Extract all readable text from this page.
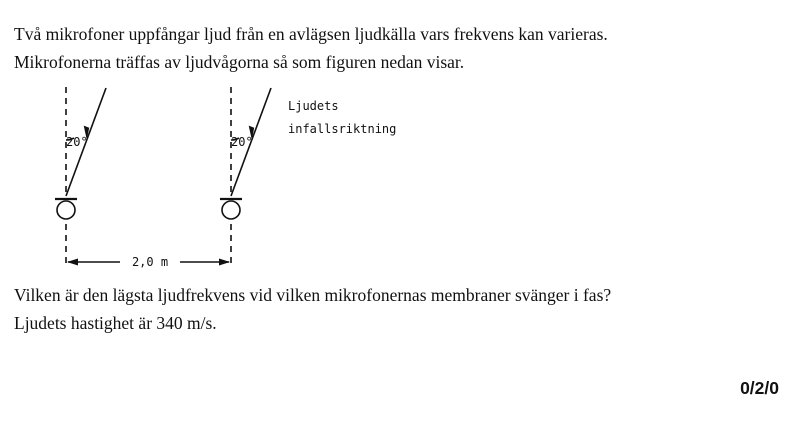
Två mikrofoner uppfångar ljud från en avlägsen ljudkälla vars frekvens kan varieras.
Mikrofonerna träffas av ljudvågorna så som figuren nedan visar.

20°	20°
2,0 m
Ljudets
infallsriktning

Vilken är den lägsta ljudfrekvens vid vilken mikrofonernas membraner svänger i fas?
Ljudets hastighet är 340 m/s.

0/2/0
